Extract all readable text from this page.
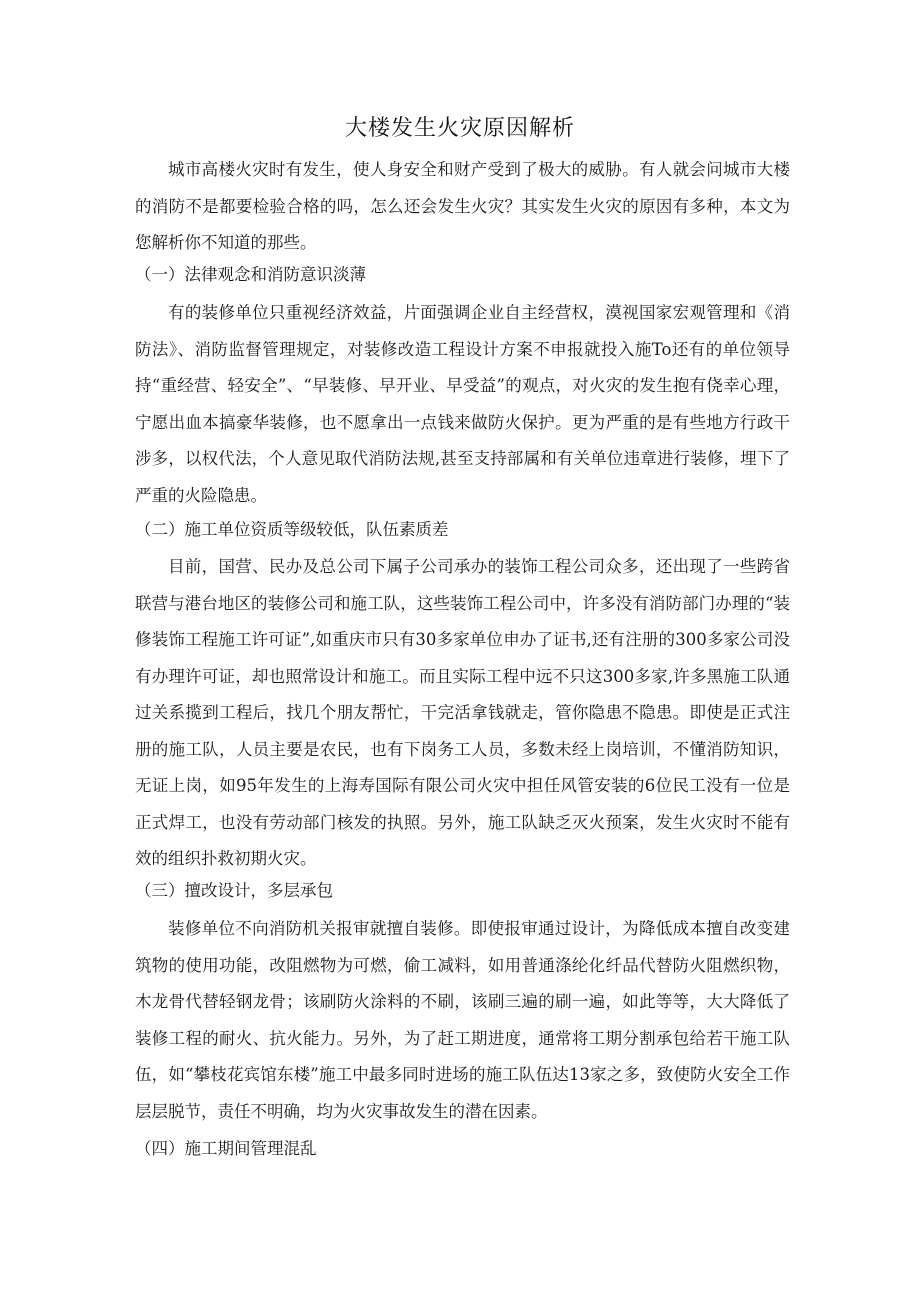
大楼发生火灾原因解析

城市高楼火灾时有发生，使人身安全和财产受到了极大的威胁。有人就会问城市大楼的消防不是都要检验合格的吗，怎么还会发生火灾？其实发生火灾的原因有多种，本文为您解析你不知道的那些。

（一）法律观念和消防意识淡薄

有的装修单位只重视经济效益，片面强调企业自主经营权，漠视国家宏观管理和《消防法》、消防监督管理规定，对装修改造工程设计方案不申报就投入施To还有的单位领导持“重经营、轻安全”、“早装修、早开业、早受益”的观点，对火灾的发生抱有侥幸心理，宁愿出血本搞豪华装修，也不愿拿出一点钱来做防火保护。更为严重的是有些地方行政干涉多，以权代法，个人意见取代消防法规,甚至支持部属和有关单位违章进行装修，埋下了严重的火险隐患。

（二）施工单位资质等级较低，队伍素质差

目前，国营、民办及总公司下属子公司承办的装饰工程公司众多，还出现了一些跨省联营与港台地区的装修公司和施工队，这些装饰工程公司中，许多没有消防部门办理的“装修装饰工程施工许可证”,如重庆市只有30多家单位申办了证书,还有注册的300多家公司没有办理许可证，却也照常设计和施工。而且实际工程中远不只这300多家,许多黑施工队通过关系揽到工程后，找几个朋友帮忙，干完活拿钱就走，管你隐患不隐患。即使是正式注册的施工队，人员主要是农民，也有下岗务工人员，多数未经上岗培训，不懂消防知识，无证上岗，如95年发生的上海寿国际有限公司火灾中担任风管安装的6位民工没有一位是正式焊工，也没有劳动部门核发的执照。另外，施工队缺乏灭火预案，发生火灾时不能有效的组织扑救初期火灾。

（三）擅改设计，多层承包

装修单位不向消防机关报审就擅自装修。即使报审通过设计，为降低成本擅自改变建筑物的使用功能，改阻燃物为可燃，偷工减料，如用普通涤纶化纤品代替防火阻燃织物，木龙骨代替轻钢龙骨；该刷防火涂料的不刷，该刷三遍的刷一遍，如此等等，大大降低了装修工程的耐火、抗火能力。另外，为了赶工期进度，通常将工期分割承包给若干施工队伍，如“攀枝花宾馆东楼”施工中最多同时进场的施工队伍达13家之多，致使防火安全工作层层脱节，责任不明确，均为火灾事故发生的潜在因素。

（四）施工期间管理混乱
